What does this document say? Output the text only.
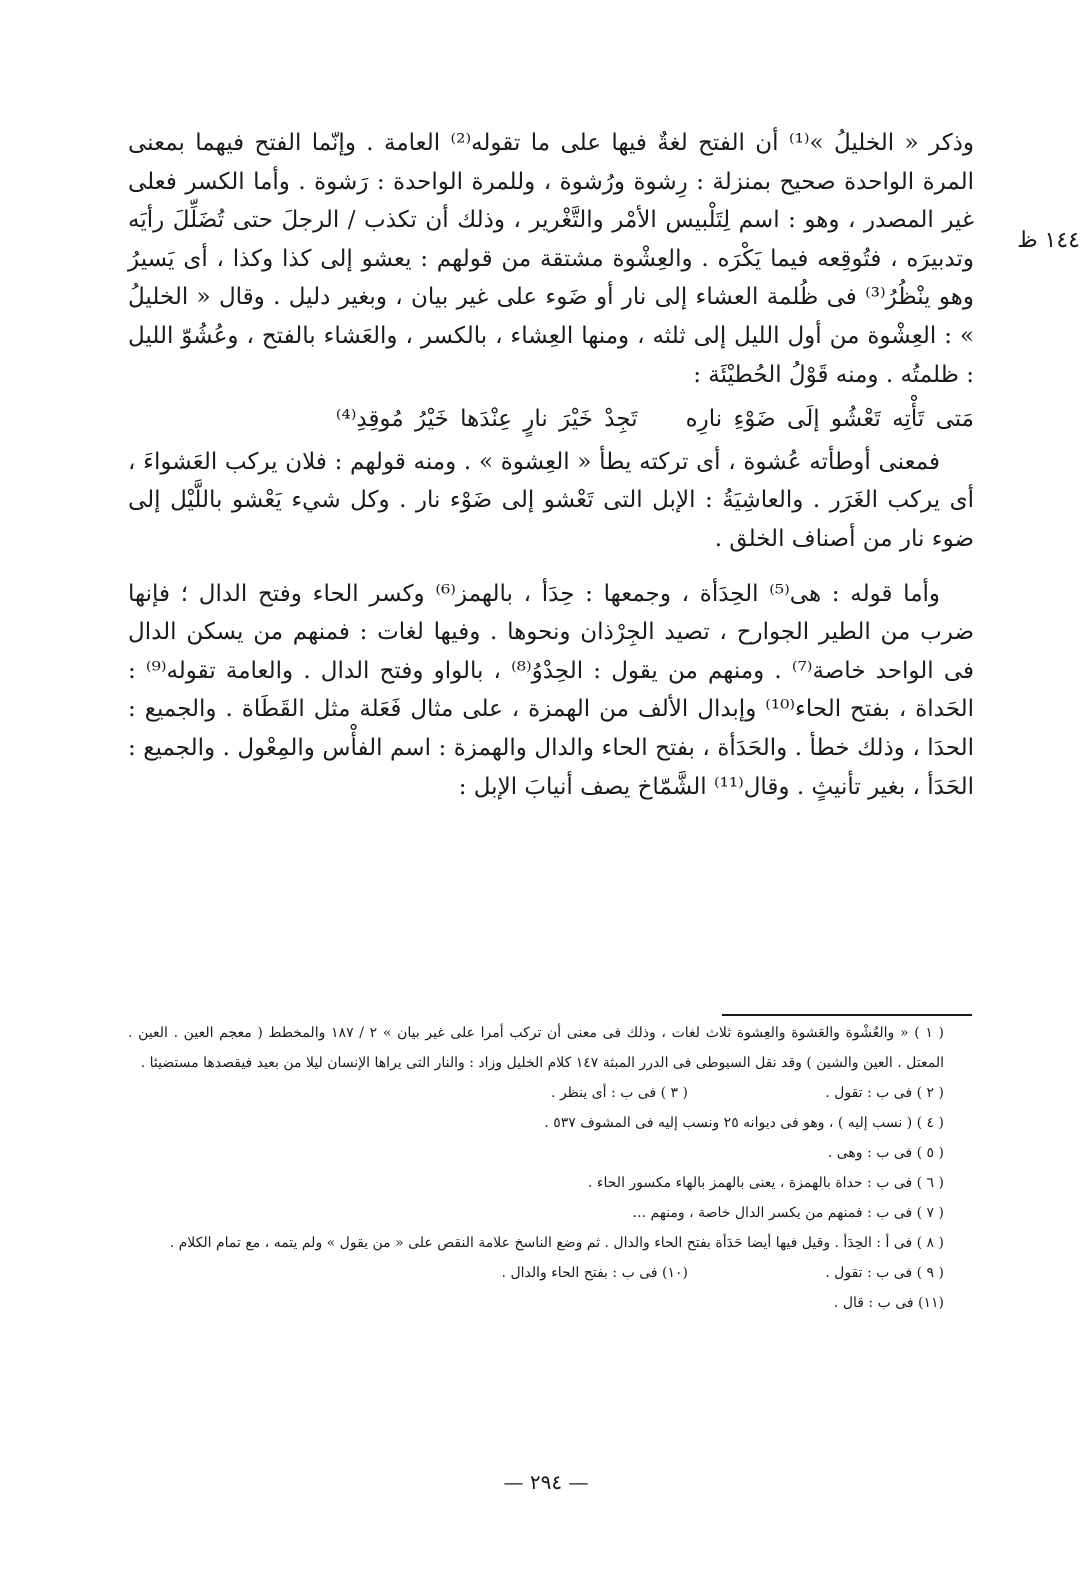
١٤٤ ظ

وذكر « الخليلُ »⁽¹⁾ أن الفتح لغةٌ فيها على ما تقوله⁽²⁾ العامة . وإنّما الفتح فيهما بمعنى المرة الواحدة صحيح بمنزلة : رِشوة ورُشوة ، وللمرة الواحدة : رَشوة . وأما الكسر فعلى غير المصدر ، وهو : اسم لِتَلْبيس الأمْر والتَّغْرير ، وذلك أن تكذب / الرجلَ حتى تُضَلِّلَ رأيَه وتدبيرَه ، فتُوقِعه فيما يَكْرَه . والعِشْوة مشتقة من قولهم : يعشو إلى كذا وكذا ، أى يَسيرُ وهو ينْظُرُ⁽³⁾ فى ظُلمة العشاء إلى نار أو ضَوء على غير بيان ، وبغير دليل . وقال « الخليلُ » : العِشْوة من أول الليل إلى ثلثه ، ومنها العِشاء ، بالكسر ، والعَشاء بالفتح ، وعُشُوّ الليل : ظلمتُه . ومنه قَوْلُ الحُطيْئَة :

مَتى تَأْتِه تَعْشُو إلَى ضَوْءِ نارِهتَجِدْ خَيْرَ نارٍ عِنْدَها خَيْرُ مُوقِدِ⁽⁴⁾

فمعنى أوطأته عُشوة ، أى تركته يطأ « العِشوة » . ومنه قولهم : فلان يركب العَشواءَ ، أى يركب الغَرَر . والعاشِيَةُ : الإبل التى تَعْشو إلى ضَوْء نار . وكل شيء يَعْشو باللَّيْل إلى ضوء نار من أصناف الخلق .

وأما قوله : هى⁽⁵⁾ الحِدَأة ، وجمعها : حِدَأ ، بالهمز⁽⁶⁾ وكسر الحاء وفتح الدال ؛ فإنها ضرب من الطير الجوارح ، تصيد الجِرْذان ونحوها . وفيها لغات : فمنهم من يسكن الدال فى الواحد خاصة⁽⁷⁾ . ومنهم من يقول : الحِدْوُ⁽⁸⁾ ، بالواو وفتح الدال . والعامة تقوله⁽⁹⁾ : الحَداة ، بفتح الحاء⁽¹⁰⁾ وإبدال الألف من الهمزة ، على مثال فَعَلة مثل القَطَاة . والجميع : الحدَا ، وذلك خطأ . والحَدَأة ، بفتح الحاء والدال والهمزة : اسم الفأْس والمِعْول . والجميع : الحَدَأ ، بغير تأنيثٍ . وقال⁽¹¹⁾ الشَّمّاخ يصف أنيابَ الإبل :

( ١ ) « والعُشْوة والعَشوة والعِشوة ثلاث لغات ، وذلك فى معنى أن تركب أمرا على غير بيان » ٢ / ١٨٧ والمخطط ( معجم العين . العين . المعتل . العين والشين ) وقد نقل السيوطى فى الدرر المبثة ١٤٧ كلام الخليل وزاد : والنار التى يراها الإنسان ليلا من بعيد فيقصدها مستضيئا .

( ٢ ) فى ب : تقول .

( ٣ ) فى ب : أى ينظر .

( ٤ ) ( نسب إليه ) ، وهو فى ديوانه ٢٥ ونسب إليه فى المشوف ٥٣٧ .

( ٥ ) فى ب : وهى .

( ٦ ) فى ب : حداة بالهمزة ، يعنى بالهمز بالهاء مكسور الحاء .

( ٧ ) فى ب : فمنهم من يكسر الدال خاصة ، ومنهم ...

( ٨ ) فى أ : الحِدَأ . وقيل فيها أيضا حَدَأة بفتح الحاء والدال . ثم وضع الناسخ علامة النقص على « من يقول » ولم يتمه ، مع تمام الكلام .

( ٩ ) فى ب : تقول .

(١٠) فى ب : بفتح الحاء والدال .

(١١) فى ب : قال .

— ٢٩٤ —
